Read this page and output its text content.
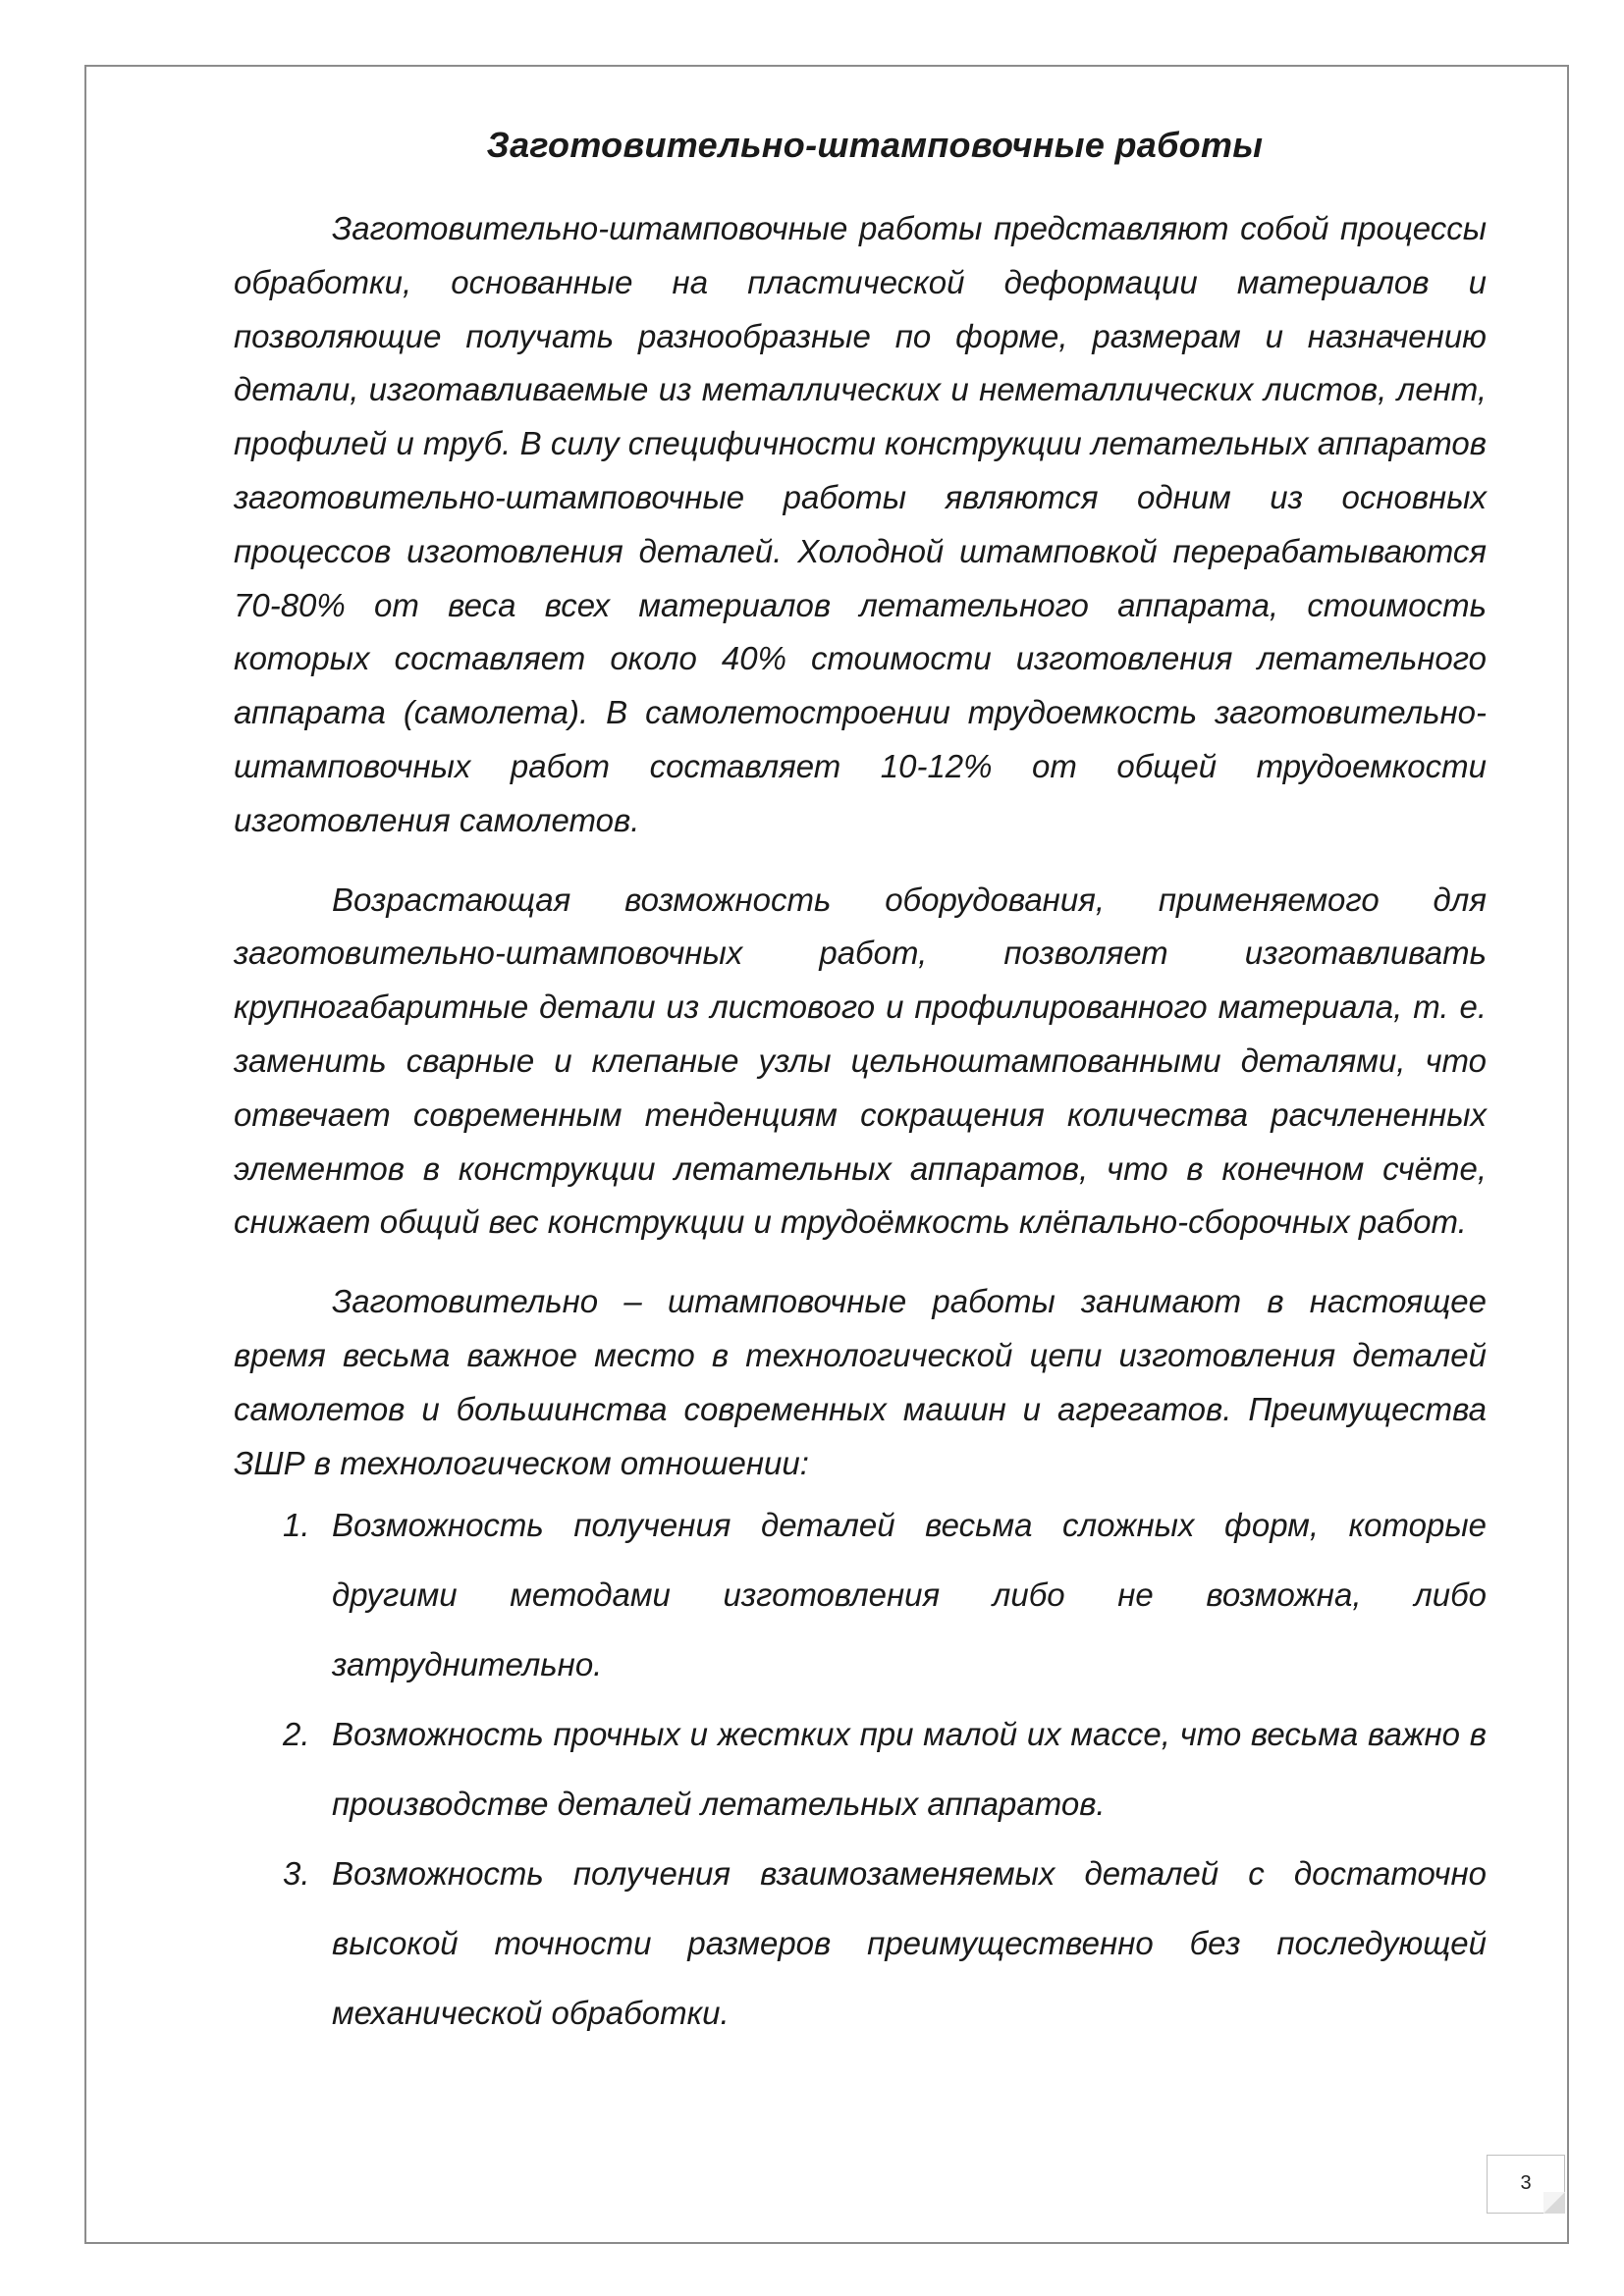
Заготовительно-штамповочные работы

Заготовительно-штамповочные работы представляют собой процессы обработки, основанные на пластической деформации материалов и позволяющие получать разнообразные по форме, размерам и назначению детали, изготавливаемые из металлических и неметаллических листов, лент, профилей и труб. В силу специфичности конструкции летательных аппаратов заготовительно-штамповочные работы являются одним из основных процессов изготовления деталей. Холодной штамповкой перерабатываются 70-80% от веса всех материалов летательного аппарата, стоимость которых составляет около 40% стоимости изготовления летательного аппарата (самолета). В самолетостроении трудоемкость заготовительно-штамповочных работ составляет 10-12% от общей трудоемкости изготовления самолетов.

Возрастающая возможность оборудования, применяемого для заготовительно-штамповочных работ, позволяет изготавливать крупногабаритные детали из листового и профилированного материала, т. е. заменить сварные и клепаные узлы цельноштампованными деталями, что отвечает современным тенденциям сокращения количества расчлененных элементов в конструкции летательных аппаратов, что в конечном счёте, снижает общий вес конструкции и трудоёмкость клёпально-сборочных работ.

Заготовительно – штамповочные работы занимают в настоящее время весьма важное место в технологической цепи изготовления деталей самолетов и большинства современных машин и агрегатов. Преимущества ЗШР в технологическом отношении:

1. Возможность получения деталей весьма сложных форм, которые другими методами изготовления либо не возможна, либо затруднительно.
2. Возможность прочных и жестких при малой их массе, что весьма важно в производстве деталей летательных аппаратов.
3. Возможность получения взаимозаменяемых деталей с достаточно высокой точности размеров преимущественно без последующей механической обработки.
3
